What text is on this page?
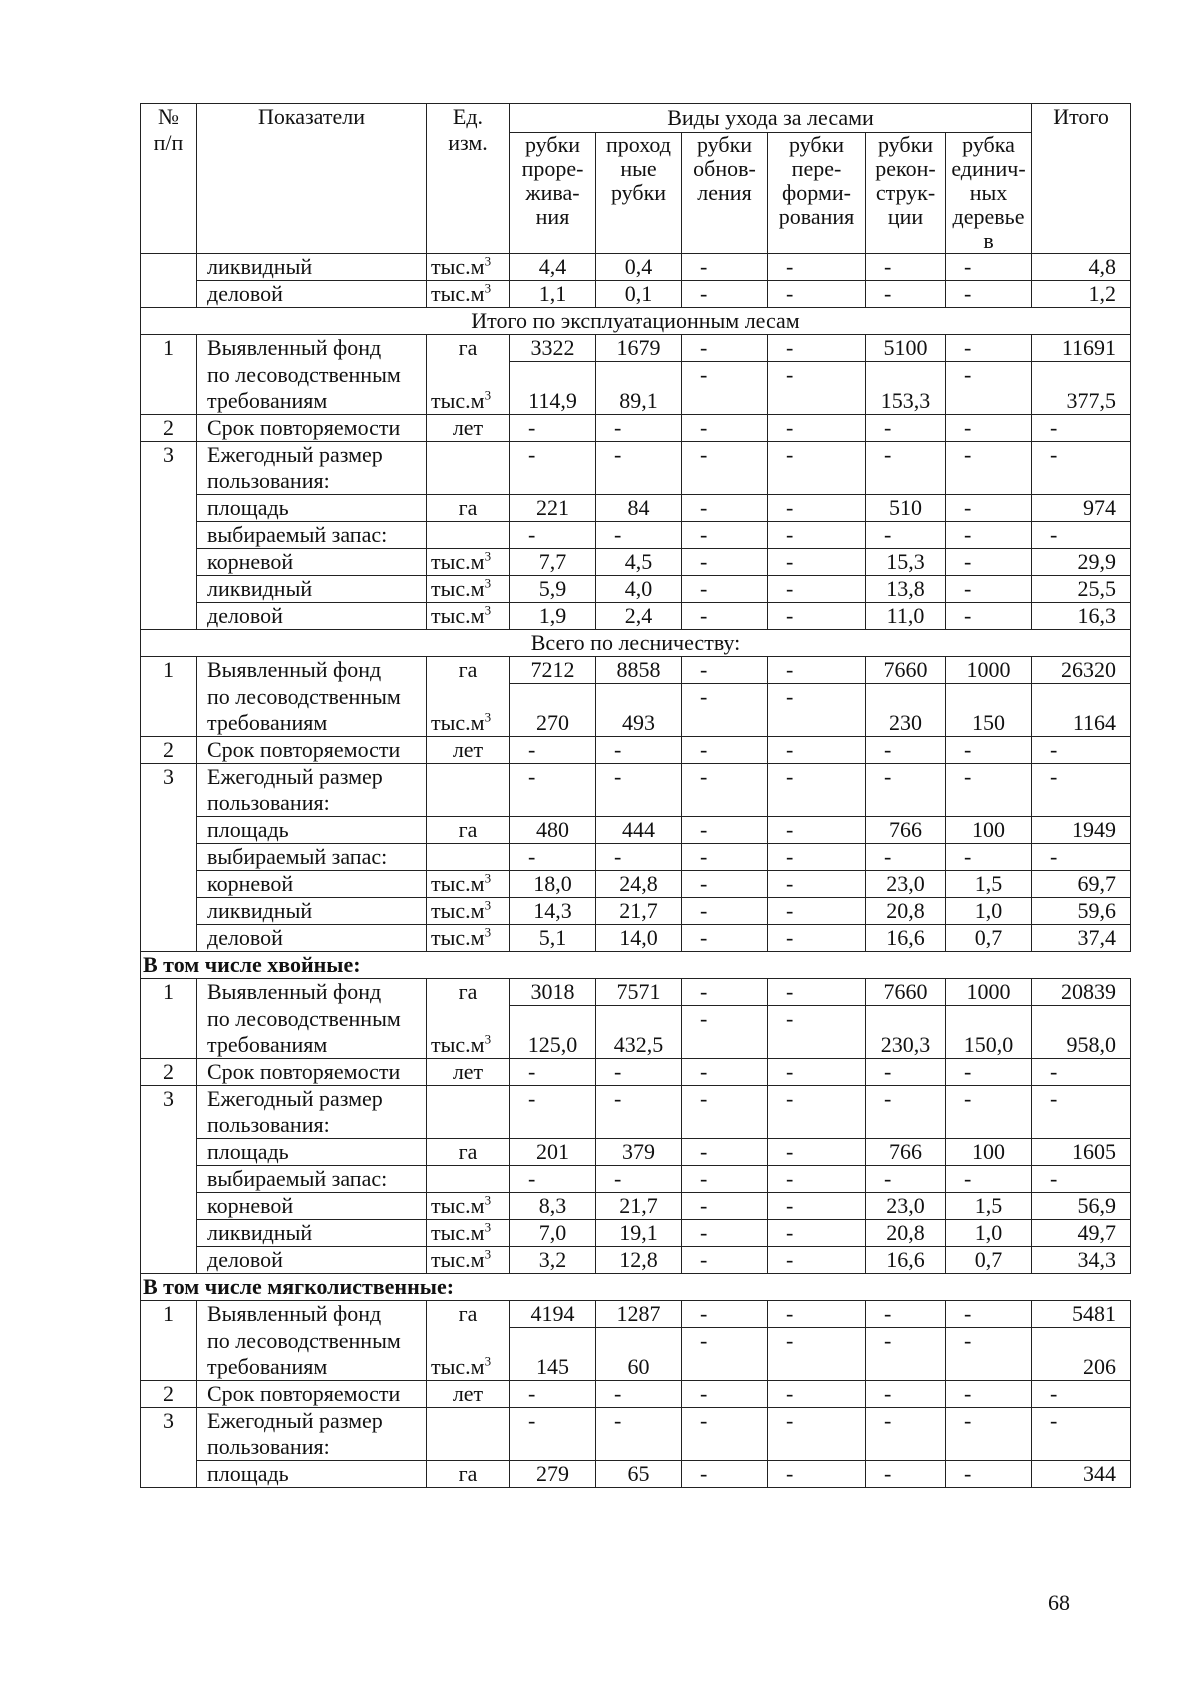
№ п/п	Показатели	Ед. изм.	Виды ухода за лесами						Итого
			рубки
проре-
жива-
ния	проход
ные
рубки	рубки
обнов-
ления	рубки
пере-
форми-
рования	рубки
рекон-
струк-
ции	рубка
единич-
ных
деревье
в	
	ликвидный	$тыс.м^3$	4,4	0,4	-	-	-	-	4,8
	деловой	$тыс.м^3$	1,1	0,1	-	-	-	-	1,2
Итого по эксплуатационным лесам									
1	Выявленный фонд	га	3322	1679	-	-	5100	-	11691
	по лесоводственным
требованиям	$тыс.м^3$	114,9	89,1	-	-	153,3	-	377,5
2	Срок повторяемости	лет	-	-	-	-	-	-	-
3	Ежегодный размер
пользования:		-	-	-	-	-	-	-
	площадь	га	221	84	-	-	510	-	974
	выбираемый запас:		-	-	-	-	-	-	-
	корневой	$тыс.м^3$	7,7	4,5	-	-	15,3	-	29,9
	ликвидный	$тыс.м^3$	5,9	4,0	-	-	13,8	-	25,5
	деловой	$тыс.м^3$	1,9	2,4	-	-	11,0	-	16,3
Всего по лесничеству:									
1	Выявленный фонд	га	7212	8858	-	-	7660	1000	26320
	по лесоводственным
требованиям	$тыс.м^3$	270	493	-	-	230	150	1164
2	Срок повторяемости	лет	-	-	-	-	-	-	-
3	Ежегодный размер
пользования:		-	-	-	-	-	-	-
	площадь	га	480	444	-	-	766	100	1949
	выбираемый запас:		-	-	-	-	-	-	-
	корневой	$тыс.м^3$	18,0	24,8	-	-	23,0	1,5	69,7
	ликвидный	$тыс.м^3$	14,3	21,7	-	-	20,8	1,0	59,6
	деловой	$тыс.м^3$	5,1	14,0	-	-	16,6	0,7	37,4
В том числе хвойные:									
1	Выявленный фонд	га	3018	7571	-	-	7660	1000	20839
	по лесоводственным
требованиям	$тыс.м^3$	125,0	432,5	-	-	230,3	150,0	958,0
2	Срок повторяемости	лет	-	-	-	-	-	-	-
3	Ежегодный размер
пользования:		-	-	-	-	-	-	-
	площадь	га	201	379	-	-	766	100	1605
	выбираемый запас:		-	-	-	-	-	-	-
	корневой	$тыс.м^3$	8,3	21,7	-	-	23,0	1,5	56,9
	ликвидный	$тыс.м^3$	7,0	19,1	-	-	20,8	1,0	49,7
	деловой	$тыс.м^3$	3,2	12,8	-	-	16,6	0,7	34,3
В том числе мягколиственные:									
1	Выявленный фонд	га	4194	1287	-	-	-	-	5481
	по лесоводственным
требованиям	$тыс.м^3$	145	60	-	-	-	-	206
2	Срок повторяемости	лет	-	-	-	-	-	-	-
3	Ежегодный размер
пользования:		-	-	-	-	-	-	-
	площадь	га	279	65	-	-	-	-	344
68
